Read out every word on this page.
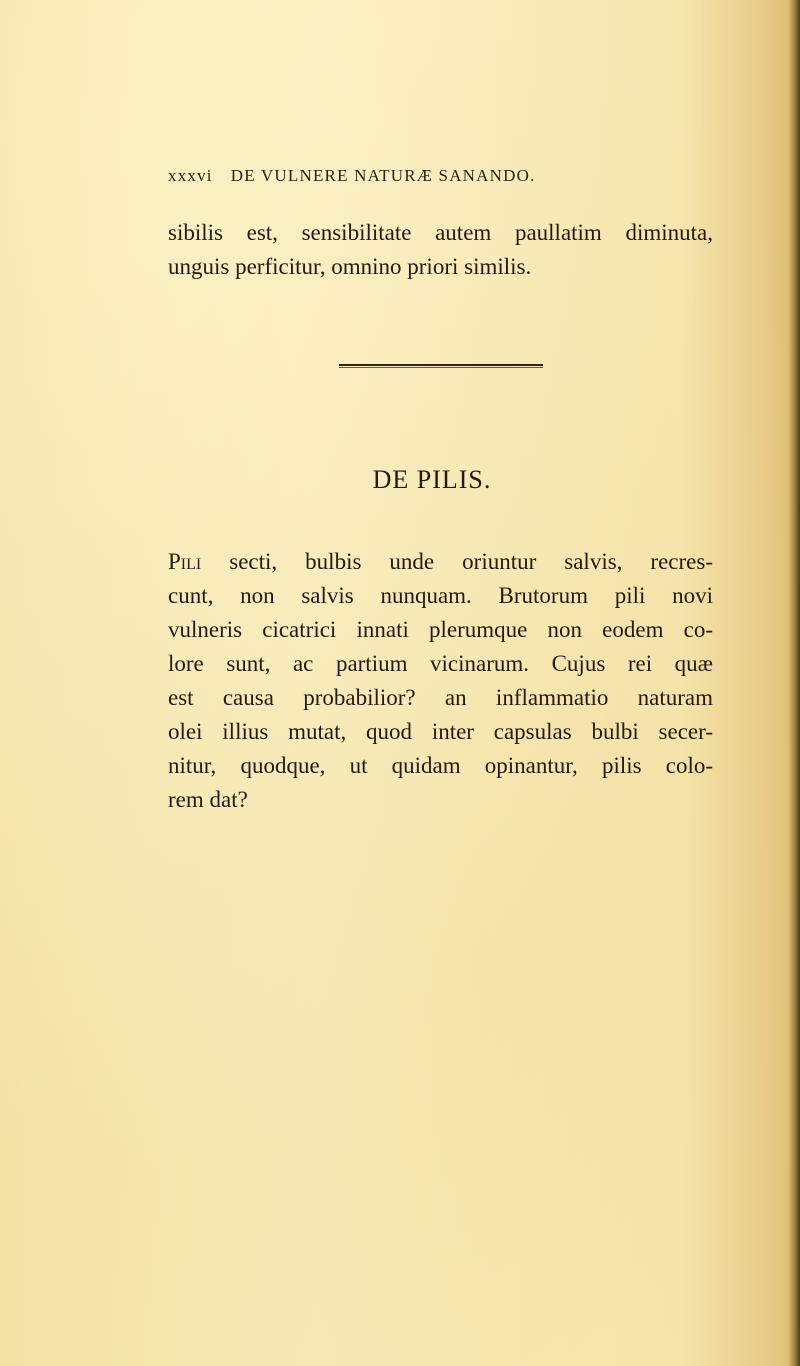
xxxvi DE VULNERE NATURÆ SANANDO.
sibilis est, sensibilitate autem paullatim diminuta,
unguis perficitur, omnino priori similis.
DE PILIS.
Pili secti, bulbis unde oriuntur salvis, recres-
cunt, non salvis nunquam. Brutorum pili novi
vulneris cicatrici innati plerumque non eodem co-
lore sunt, ac partium vicinarum. Cujus rei quæ
est causa probabilior? an inflammatio naturam
olei illius mutat, quod inter capsulas bulbi secer-
nitur, quodque, ut quidam opinantur, pilis colo-
rem dat?
